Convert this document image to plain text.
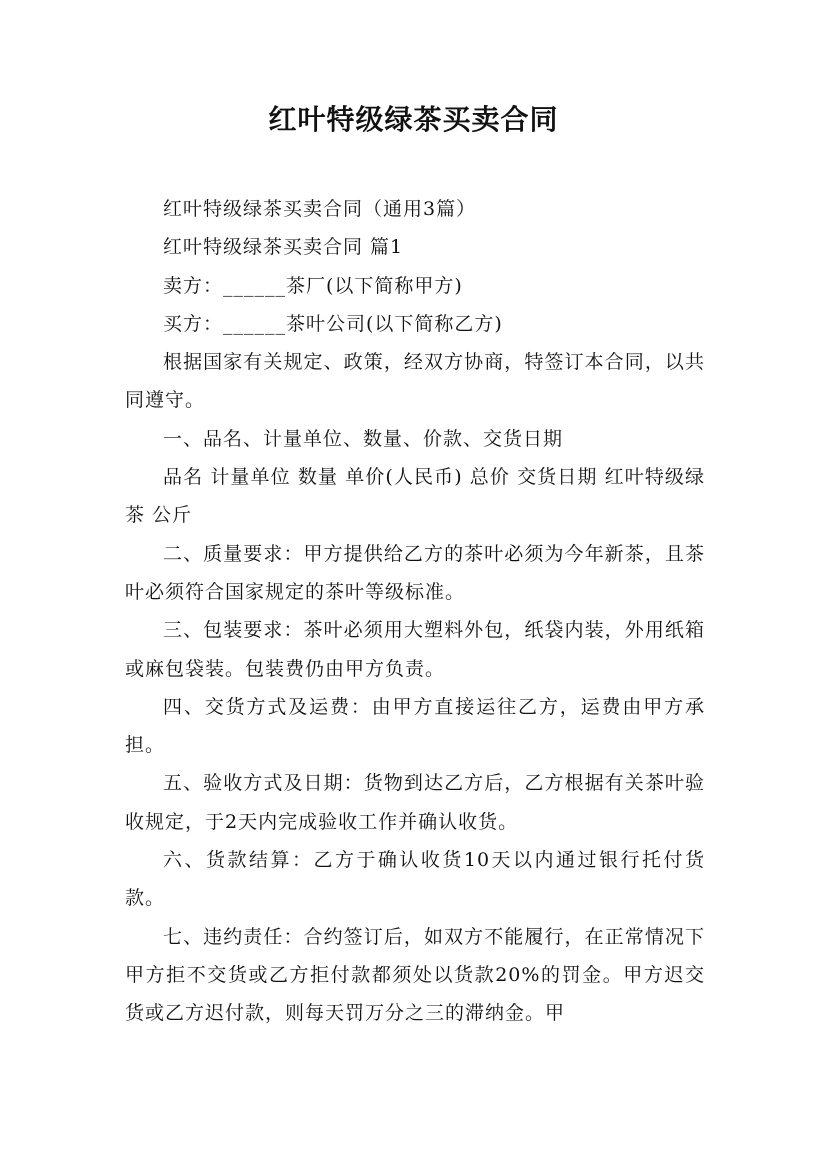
红叶特级绿茶买卖合同

红叶特级绿茶买卖合同（通用3篇）

红叶特级绿茶买卖合同 篇1

卖方：______茶厂(以下简称甲方)

买方：______茶叶公司(以下简称乙方)

根据国家有关规定、政策，经双方协商，特签订本合同，以共同遵守。

一、品名、计量单位、数量、价款、交货日期

品名 计量单位 数量 单价(人民币) 总价 交货日期 红叶特级绿茶 公斤

二、质量要求：甲方提供给乙方的茶叶必须为今年新茶，且茶叶必须符合国家规定的茶叶等级标准。

三、包装要求：茶叶必须用大塑料外包，纸袋内装，外用纸箱或麻包袋装。包装费仍由甲方负责。

四、交货方式及运费：由甲方直接运往乙方，运费由甲方承担。

五、验收方式及日期：货物到达乙方后，乙方根据有关茶叶验收规定，于2天内完成验收工作并确认收货。

六、货款结算：乙方于确认收货10天以内通过银行托付货款。

七、违约责任：合约签订后，如双方不能履行，在正常情况下甲方拒不交货或乙方拒付款都须处以货款20%的罚金。甲方迟交货或乙方迟付款，则每天罚万分之三的滞纳金。甲
